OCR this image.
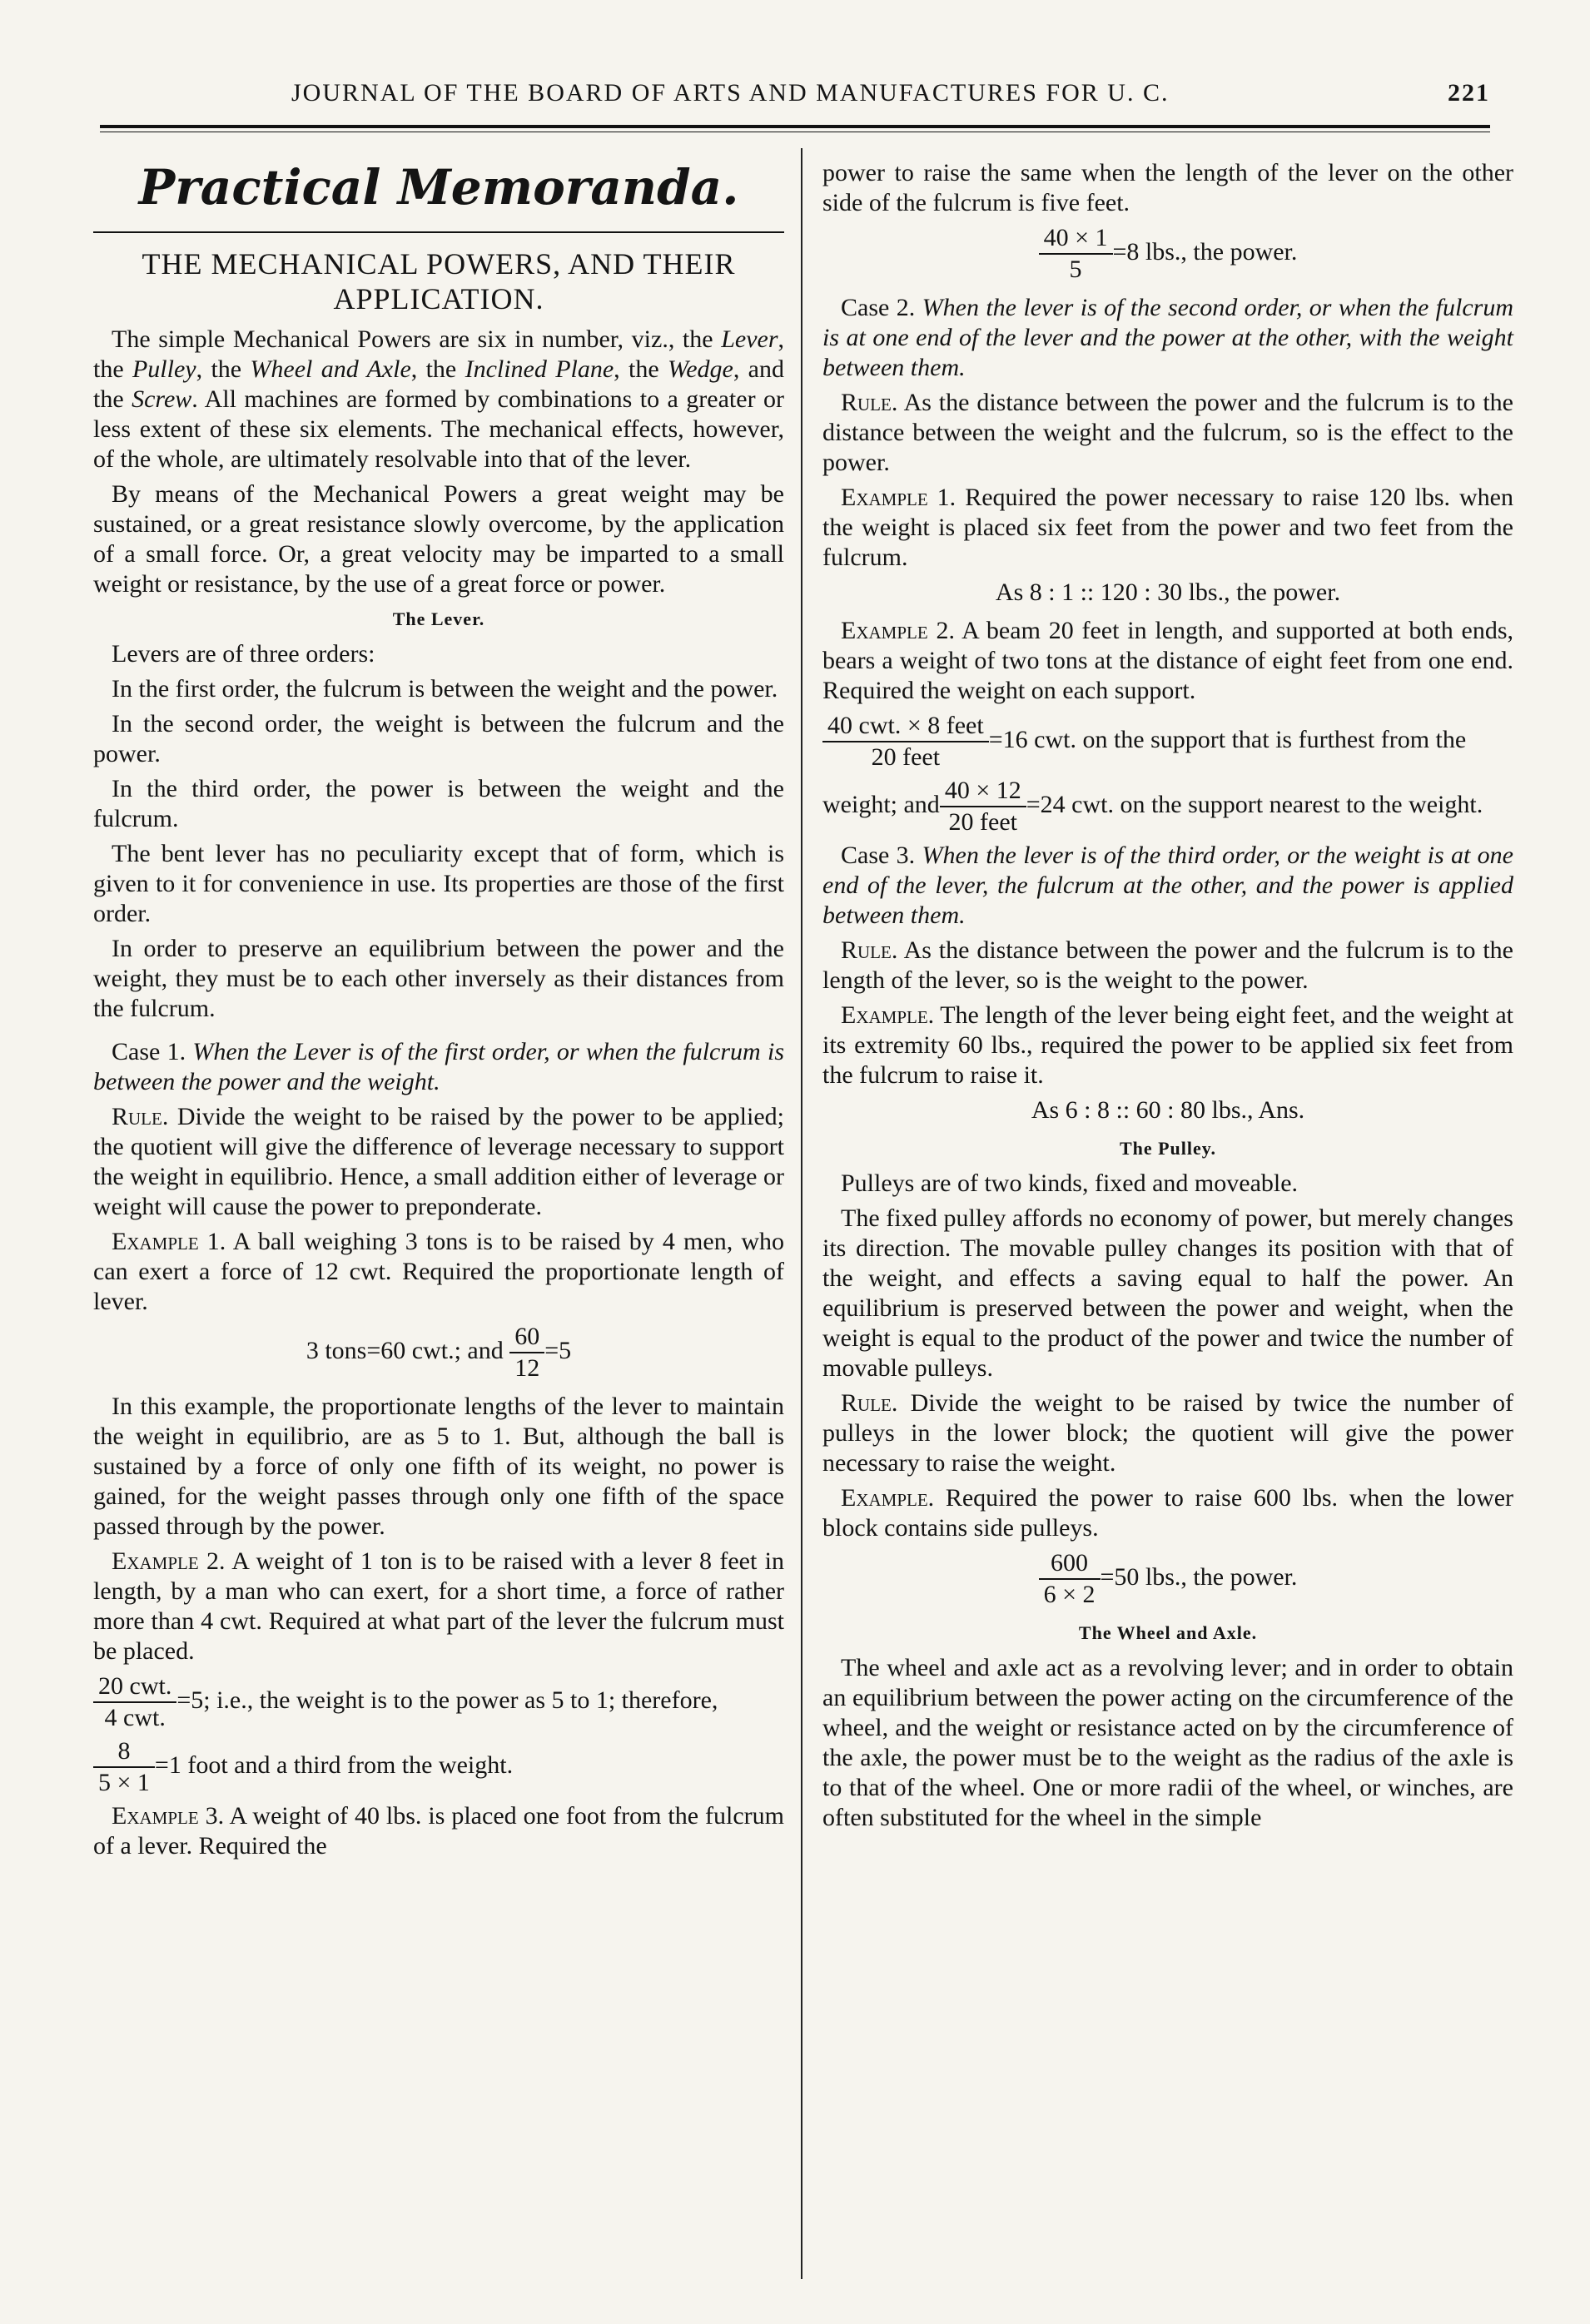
JOURNAL OF THE BOARD OF ARTS AND MANUFACTURES FOR U. C.	221
Practical Memoranda.
THE MECHANICAL POWERS, AND THEIR APPLICATION.

The simple Mechanical Powers are six in number, viz., the Lever, the Pulley, the Wheel and Axle, the Inclined Plane, the Wedge, and the Screw. All machines are formed by combinations to a greater or less extent of these six elements. The mechanical effects, however, of the whole, are ultimately resolvable into that of the lever.

By means of the Mechanical Powers a great weight may be sustained, or a great resistance slowly overcome, by the application of a small force. Or, a great velocity may be imparted to a small weight or resistance, by the use of a great force or power.

The Lever.

Levers are of three orders:

In the first order, the fulcrum is between the weight and the power.

In the second order, the weight is between the fulcrum and the power.

In the third order, the power is between the weight and the fulcrum.

The bent lever has no peculiarity except that of form, which is given to it for convenience in use. Its properties are those of the first order.

In order to preserve an equilibrium between the power and the weight, they must be to each other inversely as their distances from the fulcrum.

Case 1. When the Lever is of the first order, or when the fulcrum is between the power and the weight.

Rule. Divide the weight to be raised by the power to be applied; the quotient will give the difference of leverage necessary to support the weight in equilibrio. Hence, a small addition either of leverage or weight will cause the power to preponderate.

Example 1. A ball weighing 3 tons is to be raised by 4 men, who can exert a force of 12 cwt. Required the proportionate length of lever.

3 tons=60 cwt.; and $\frac{60}{12} =5$

In this example, the proportionate lengths of the lever to maintain the weight in equilibrio, are as 5 to 1. But, although the ball is sustained by a force of only one fifth of its weight, no power is gained, for the weight passes through only one fifth of the space passed through by the power.

Example 2. A weight of 1 ton is to be raised with a lever 8 feet in length, by a man who can exert, for a short time, a force of rather more than 4 cwt. Required at what part of the lever the fulcrum must be placed.

$\frac{\text{20 cwt.}}{\text{4 cwt.}} =5$; i.e., the weight is to the power as 5 to 1; therefore,
$\frac{8}{5 \times 1} =1$ foot and a third from the weight.

Example 3. A weight of 40 lbs. is placed one foot from the fulcrum of a lever. Required the

power to raise the same when the length of the lever on the other side of the fulcrum is five feet.

$\frac{40 \times 1}{5} =8$ lbs., the power.

Case 2. When the lever is of the second order, or when the fulcrum is at one end of the lever and the power at the other, with the weight between them.

Rule. As the distance between the power and the fulcrum is to the distance between the weight and the fulcrum, so is the effect to the power.

Example 1. Required the power necessary to raise 120 lbs. when the weight is placed six feet from the power and two feet from the fulcrum.

As 8 : 1 :: 120 : 30 lbs., the power.

Example 2. A beam 20 feet in length, and supported at both ends, bears a weight of two tons at the distance of eight feet from one end. Required the weight on each support.

$\frac{\text{40 cwt. × 8 feet}}{\text{20 feet}} =16$ cwt. on the support that is furthest from the
weight; and $\frac{40 \times 12}{\text{20 feet}} =24$ cwt. on the support nearest to the weight.

Case 3. When the lever is of the third order, or the weight is at one end of the lever, the fulcrum at the other, and the power is applied between them.

Rule. As the distance between the power and the fulcrum is to the length of the lever, so is the weight to the power.

Example. The length of the lever being eight feet, and the weight at its extremity 60 lbs., required the power to be applied six feet from the fulcrum to raise it.

As 6 : 8 :: 60 : 80 lbs., Ans.
The Pulley.

Pulleys are of two kinds, fixed and moveable.

The fixed pulley affords no economy of power, but merely changes its direction. The movable pulley changes its position with that of the weight, and effects a saving equal to half the power. An equilibrium is preserved between the power and weight, when the weight is equal to the product of the power and twice the number of movable pulleys.

Rule. Divide the weight to be raised by twice the number of pulleys in the lower block; the quotient will give the power necessary to raise the weight.

Example. Required the power to raise 600 lbs. when the lower block contains side pulleys.

$\frac{600}{6 \times 2} =50$ lbs., the power.
The Wheel and Axle.

The wheel and axle act as a revolving lever; and in order to obtain an equilibrium between the power acting on the circumference of the wheel, and the weight or resistance acted on by the circumference of the axle, the power must be to the weight as the radius of the axle is to that of the wheel. One or more radii of the wheel, or winches, are often substituted for the wheel in the simple
